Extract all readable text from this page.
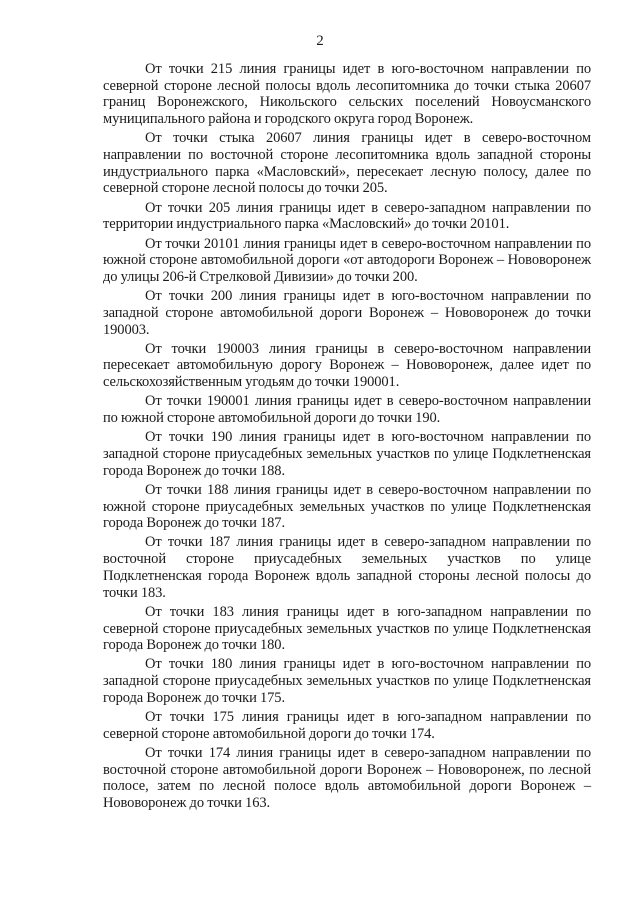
2

От точки 215 линия границы идет в юго-восточном направлении по северной стороне лесной полосы вдоль лесопитомника до точки стыка 20607 границ Воронежского, Никольского сельских поселений Новоусманского муниципального района и городского округа город Воронеж.

От точки стыка 20607 линия границы идет в северо-восточном направлении по восточной стороне лесопитомника вдоль западной стороны индустриального парка «Масловский», пересекает лесную полосу, далее по северной стороне лесной полосы до точки 205.

От точки 205 линия границы идет в северо-западном направлении по территории индустриального парка «Масловский» до точки 20101.

От точки 20101 линия границы идет в северо-восточном направлении по южной стороне автомобильной дороги «от автодороги Воронеж – Нововоронеж до улицы 206-й Стрелковой Дивизии» до точки 200.

От точки 200 линия границы идет в юго-восточном направлении по западной стороне автомобильной дороги Воронеж – Нововоронеж до точки 190003.

От точки 190003 линия границы в северо-восточном направлении пересекает автомобильную дорогу Воронеж – Нововоронеж, далее идет по сельскохозяйственным угодьям до точки 190001.

От точки 190001 линия границы идет в северо-восточном направлении по южной стороне автомобильной дороги до точки 190.

От точки 190 линия границы идет в юго-восточном направлении по западной стороне приусадебных земельных участков по улице Подклетненская города Воронеж до точки 188.

От точки 188 линия границы идет в северо-восточном направлении по южной стороне приусадебных земельных участков по улице Подклетненская города Воронеж до точки 187.

От точки 187 линия границы идет в северо-западном направлении по восточной стороне приусадебных земельных участков по улице Подклетненская города Воронеж вдоль западной стороны лесной полосы до точки 183.

От точки 183 линия границы идет в юго-западном направлении по северной стороне приусадебных земельных участков по улице Подклетненская города Воронеж до точки 180.

От точки 180 линия границы идет в юго-восточном направлении по западной стороне приусадебных земельных участков по улице Подклетненская города Воронеж до точки 175.

От точки 175 линия границы идет в юго-западном направлении по северной стороне автомобильной дороги до точки 174.

От точки 174 линия границы идет в северо-западном направлении по восточной стороне автомобильной дороги Воронеж – Нововоронеж, по лесной полосе, затем по лесной полосе вдоль автомобильной дороги Воронеж – Нововоронеж до точки 163.
